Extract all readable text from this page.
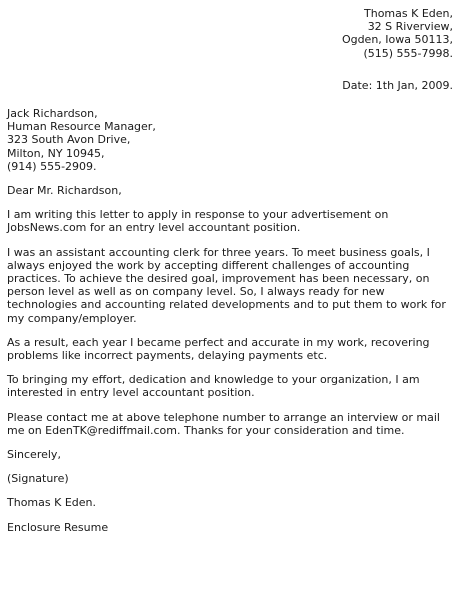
Thomas K Eden,
32 S Riverview,
Ogden, Iowa 50113,
(515) 555-7998.
Date: 1th Jan, 2009.
Jack Richardson,
Human Resource Manager,
323 South Avon Drive,
Milton, NY 10945,
(914) 555-2909.
Dear Mr. Richardson,
I am writing this letter to apply in response to your advertisement on
JobsNews.com for an entry level accountant position.
I was an assistant accounting clerk for three years. To meet business goals, I
always enjoyed the work by accepting different challenges of accounting
practices. To achieve the desired goal, improvement has been necessary, on
person level as well as on company level. So, I always ready for new
technologies and accounting related developments and to put them to work for
my company/employer.
As a result, each year I became perfect and accurate in my work, recovering
problems like incorrect payments, delaying payments etc.
To bringing my effort, dedication and knowledge to your organization, I am
interested in entry level accountant position.
Please contact me at above telephone number to arrange an interview or mail
me on EdenTK@rediffmail.com. Thanks for your consideration and time.
Sincerely,
(Signature)
Thomas K Eden.
Enclosure Resume
